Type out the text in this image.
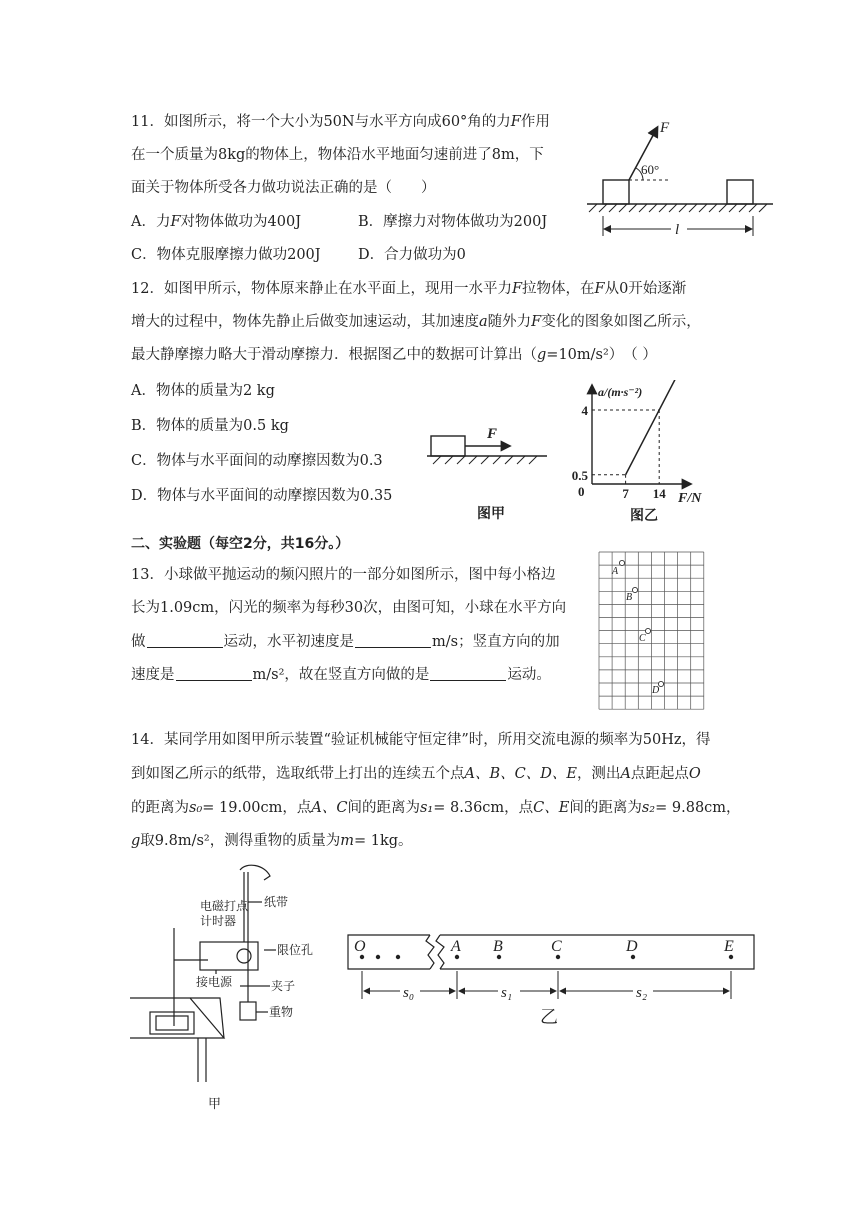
11．如图所示，将一个大小为50N与水平方向成60°角的力F作用
在一个质量为8kg的物体上，物体沿水平地面匀速前进了8m，下
面关于物体所受各力做功说法正确的是（　　）
A．力F对物体做功为400J	B．摩擦力对物体做功为200J
C．物体克服摩擦力做功200J	D．合力做功为0
F
60°
l
12．如图甲所示，物体原来静止在水平面上，现用一水平力F拉物体，在F从0开始逐渐
增大的过程中，物体先静止后做变加速运动，其加速度a随外力F变化的图象如图乙所示，
最大静摩擦力略大于滑动摩擦力．根据图乙中的数据可计算出（g=10m/s²）　（ ）
A．物体的质量为2 kg
B．物体的质量为0.5 kg
C．物体与水平面间的动摩擦因数为0.3
D．物体与水平面间的动摩擦因数为0.35
F
图甲
a/(m·s⁻²)
F/N
0	7 14
0.5
4
图乙
二、实验题（每空2分，共16分。）
13．小球做平抛运动的频闪照片的一部分如图所示，图中每小格边
长为1.09cm，闪光的频率为每秒30次，由图可知，小球在水平方向
做	运动，水平初速度是	m/s；竖直方向的加
速度是	m/s²，故在竖直方向做的是	运动。
A
B
C
D
14．某同学用如图甲所示装置“验证机械能守恒定律”时，所用交流电源的频率为50Hz，得
到如图乙所示的纸带，选取纸带上打出的连续五个点A、B、C、D、E，测出A点距起点O
的距离为s₀= 19.00cm，点A、C间的距离为s₁= 8.36cm，点C、E间的距离为s₂= 9.88cm，
g取9.8m/s²，测得重物的质量为m= 1kg。
电磁打点
计时器
纸带
限位孔
接电源	夹子
重物
甲
O	A B	C	D	E
s₀	s₁	s₂
乙
